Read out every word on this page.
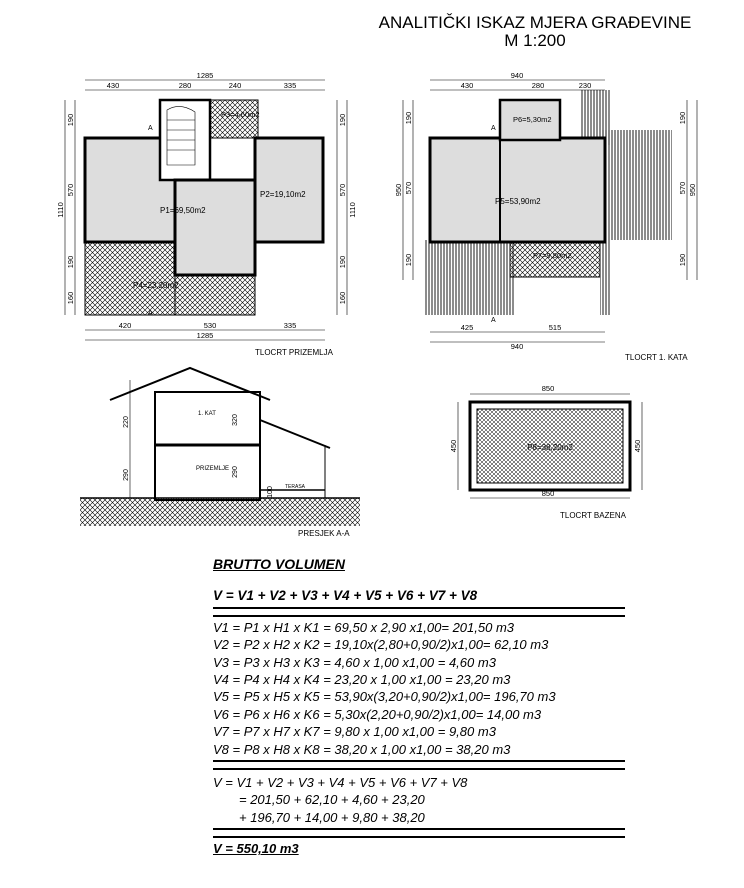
ANALITIČKI ISKAZ MJERA GRAĐEVINE
M 1:200
1285
430	280	240	335
1110
190
570
190
160
190
570
190
160
1110
P3=4,60m2
P1=69,50m2
P2=19,10m2
P4=23,20m2
A
A
420	530	335
1285
TLOCRT PRIZEMLJA
940
430	280	230
950
190
570
190
190
570
190
950
P6=5,30m2
P5=53,90m2
P7=9,80m2
A
A
425	515
940
TLOCRT 1. KATA
1. KAT
PRIZEMLJE
TERASA
220
290
320
290
100
PRESJEK A-A
850
P8=38,20m2
450	450
850
TLOCRT BAZENA
BRUTTO VOLUMEN
V = V1 + V2 + V3 + V4 + V5 + V6 + V7 + V8
V1 = P1 x H1 x K1 = 69,50 x 2,90 x1,00= 201,50 m3
V2 = P2 x H2 x K2 = 19,10x(2,80+0,90/2)x1,00= 62,10 m3
V3 = P3 x H3 x K3 = 4,60 x 1,00 x1,00 = 4,60 m3
V4 = P4 x H4 x K4 = 23,20 x 1,00 x1,00 = 23,20 m3
V5 = P5 x H5 x K5 = 53,90x(3,20+0,90/2)x1,00= 196,70 m3
V6 = P6 x H6 x K6 = 5,30x(2,20+0,90/2)x1,00= 14,00 m3
V7 = P7 x H7 x K7 = 9,80 x 1,00 x1,00 = 9,80 m3
V8 = P8 x H8 x K8 = 38,20 x 1,00 x1,00 = 38,20 m3
V = V1 + V2 + V3 + V4 + V5 + V6 + V7 + V8
= 201,50 + 62,10 + 4,60 + 23,20
+ 196,70 + 14,00 + 9,80 + 38,20
V = 550,10 m3
